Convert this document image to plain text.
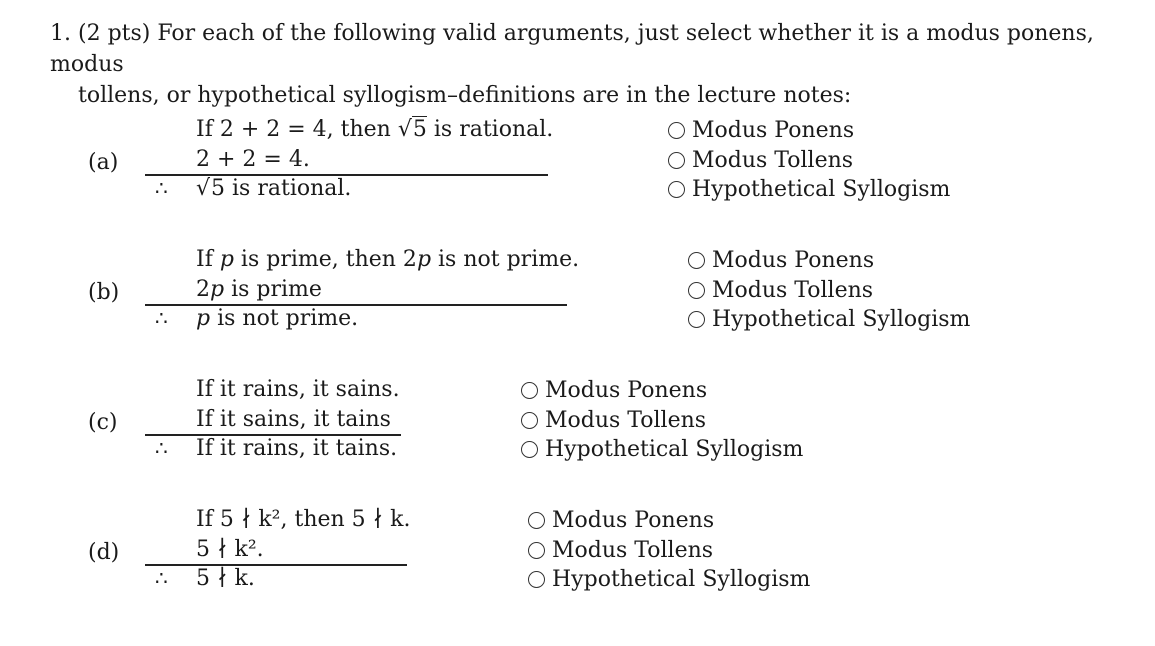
1. (2 pts) For each of the following valid arguments, just select whether it is a modus ponens, modus
tollens, or hypothetical syllogism–definitions are in the lecture notes:
(a)
If 2 + 2 = 4, then √5 is rational.
2 + 2 = 4.
∴ √5 is rational.
Modus Ponens
Modus Tollens
Hypothetical Syllogism
(b)
If p is prime, then 2p is not prime.
2p is prime
∴ p is not prime.
Modus Ponens
Modus Tollens
Hypothetical Syllogism
(c)
If it rains, it sains.
If it sains, it tains
∴ If it rains, it tains.
Modus Ponens
Modus Tollens
Hypothetical Syllogism
(d)
If 5 ∤ k², then 5 ∤ k.
5 ∤ k².
∴ 5 ∤ k.
Modus Ponens
Modus Tollens
Hypothetical Syllogism
